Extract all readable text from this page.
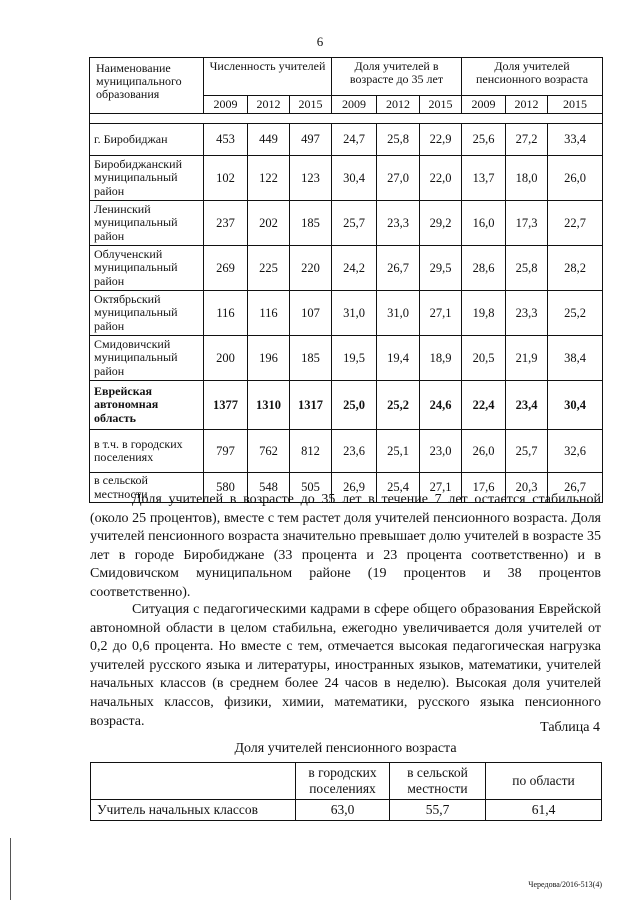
6
Наименование муниципального образования	Численность учителей			Доля учителей в возрасте до 35 лет			Доля учителей пенсионного возраста		
	2009	2012	2015	2009	2012	2015	2009	2012	2015

г. Биробиджан	453	449	497	24,7	25,8	22,9	25,6	27,2	33,4
Биробиджанский муниципальный район	102	122	123	30,4	27,0	22,0	13,7	18,0	26,0
Ленинский муниципальный район	237	202	185	25,7	23,3	29,2	16,0	17,3	22,7
Облученский муниципальный район	269	225	220	24,2	26,7	29,5	28,6	25,8	28,2
Октябрьский муниципальный район	116	116	107	31,0	31,0	27,1	19,8	23,3	25,2
Смидовичский муниципальный район	200	196	185	19,5	19,4	18,9	20,5	21,9	38,4
Еврейская автономная область	1377	1310	1317	25,0	25,2	24,6	22,4	23,4	30,4
в т.ч. в городских поселениях	797	762	812	23,6	25,1	23,0	26,0	25,7	32,6
в сельской местности	580	548	505	26,9	25,4	27,1	17,6	20,3	26,7

Доля учителей в возрасте до 35 лет в течение 7 лет остается стабильной (около 25 процентов), вместе с тем растет доля учителей пенсионного возраста. Доля учителей пенсионного возраста значительно превышает долю учителей в возрасте 35 лет в городе Биробиджане (33 процента и 23 процента соответственно) и в Смидовичском муниципальном районе (19 процентов и 38 процентов соответственно).

Ситуация с педагогическими кадрами в сфере общего образования Еврейской автономной области в целом стабильна, ежегодно увеличивается доля учителей от 0,2 до 0,6 процента. Но вместе с тем, отмечается высокая педагогическая нагрузка учителей русского языка и литературы, иностранных языков, математики, учителей начальных классов (в среднем более 24 часов в неделю). Высокая доля учителей начальных классов, физики, химии, математики, русского языка пенсионного возраста.	Таблица 4
Доля учителей пенсионного возраста
	в городских поселениях	в сельской местности	по области
Учитель начальных классов	63,0	55,7	61,4
Чередова/2016-513(4)
